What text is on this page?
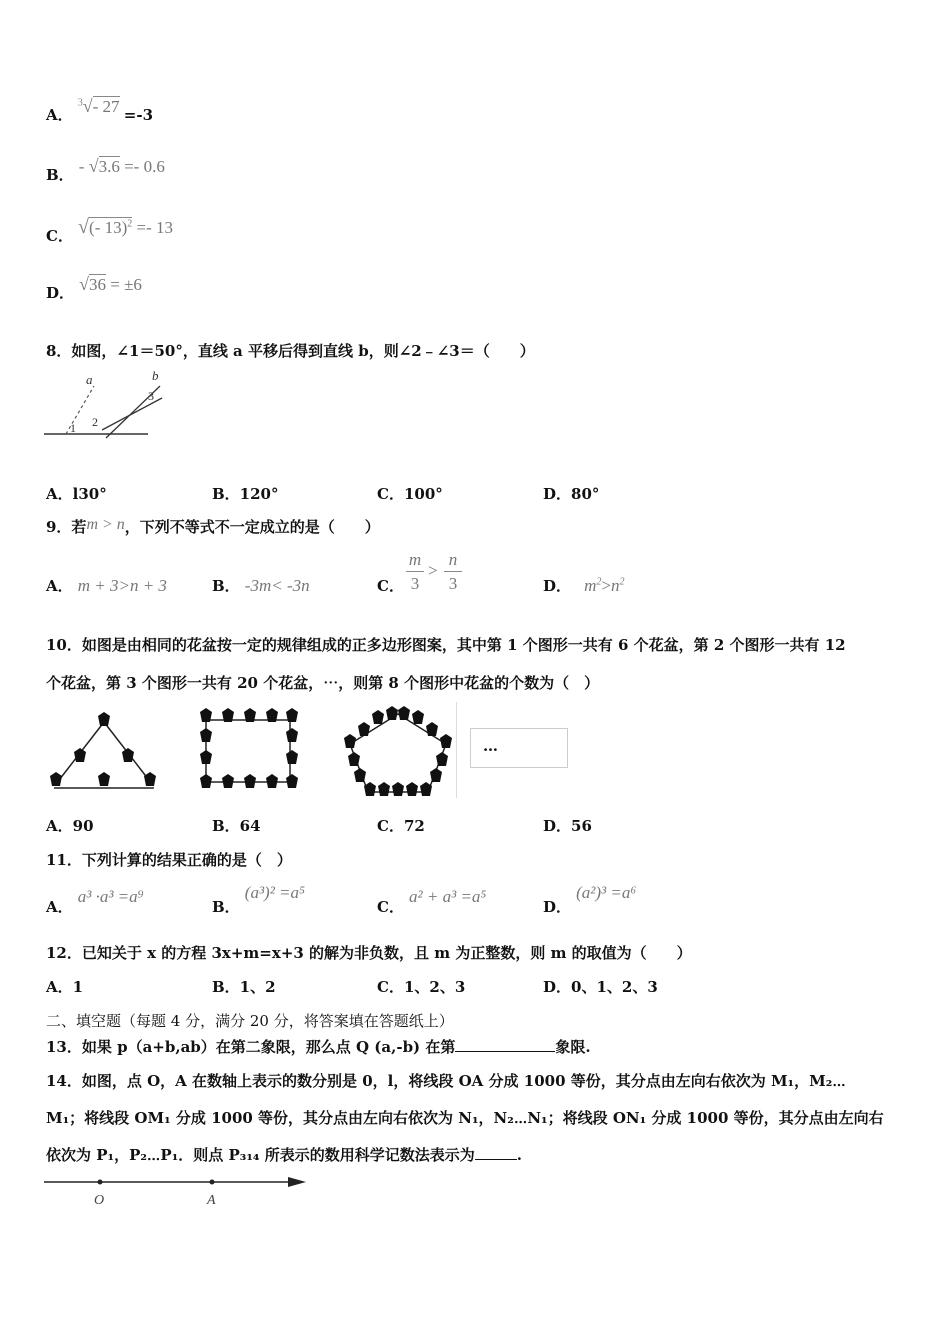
A． $^3$√- 27 =-3
B． - √3.6 =- 0.6
C． √(- 13)$^2$ =- 13
D． √36 = ±6
8．如图，∠1＝50°，直线 a 平移后得到直线 b，则∠2﹣∠3＝（　　）
a	b
1 2
3
A．l30°	B．120°	C．100°	D．80°
9．若m > n，下列不等式不一定成立的是（　　）
A． m + 3>n + 3	B． -3m< -3n	C．
m
3
>
n
3	D． $m^2>n^2$
10．如图是由相同的花盆按一定的规律组成的正多边形图案，其中第 1 个图形一共有 6 个花盆，第 2 个图形一共有 12
个花盆，第 3 个图形一共有 20 个花盆，⋯，则第 8 个图形中花盆的个数为（　）
…
A．90	B．64	C．72	D．56
11．下列计算的结果正确的是（　）
A． a³ ·a³ =a⁹
B． (a³)² =a⁵
C． a² + a³ =a⁵
D． (a²)³ =a⁶
12．已知关于 x 的方程 3x+m=x+3 的解为非负数，且 m 为正整数，则 m 的取值为（　　）
A．1	B．1、2	C．1、2、3	D．0、1、2、3
二、填空题（每题 4 分，满分 20 分，将答案填在答题纸上）
13．如果 p（a+b,ab）在第二象限，那么点 Q (a,-b) 在第	象限.
14．如图，点 O，A 在数轴上表示的数分别是 0，l，将线段 OA 分成 1000 等份，其分点由左向右依次为 M₁，M₂⋯
M₁；将线段 OM₁ 分成 1000 等份，其分点由左向右依次为 N₁，N₂⋯N₁；将线段 ON₁ 分成 1000 等份，其分点由左向右
依次为 P₁，P₂⋯P₁．则点 P₃₁₄ 所表示的数用科学记数法表示为	.
O	A
